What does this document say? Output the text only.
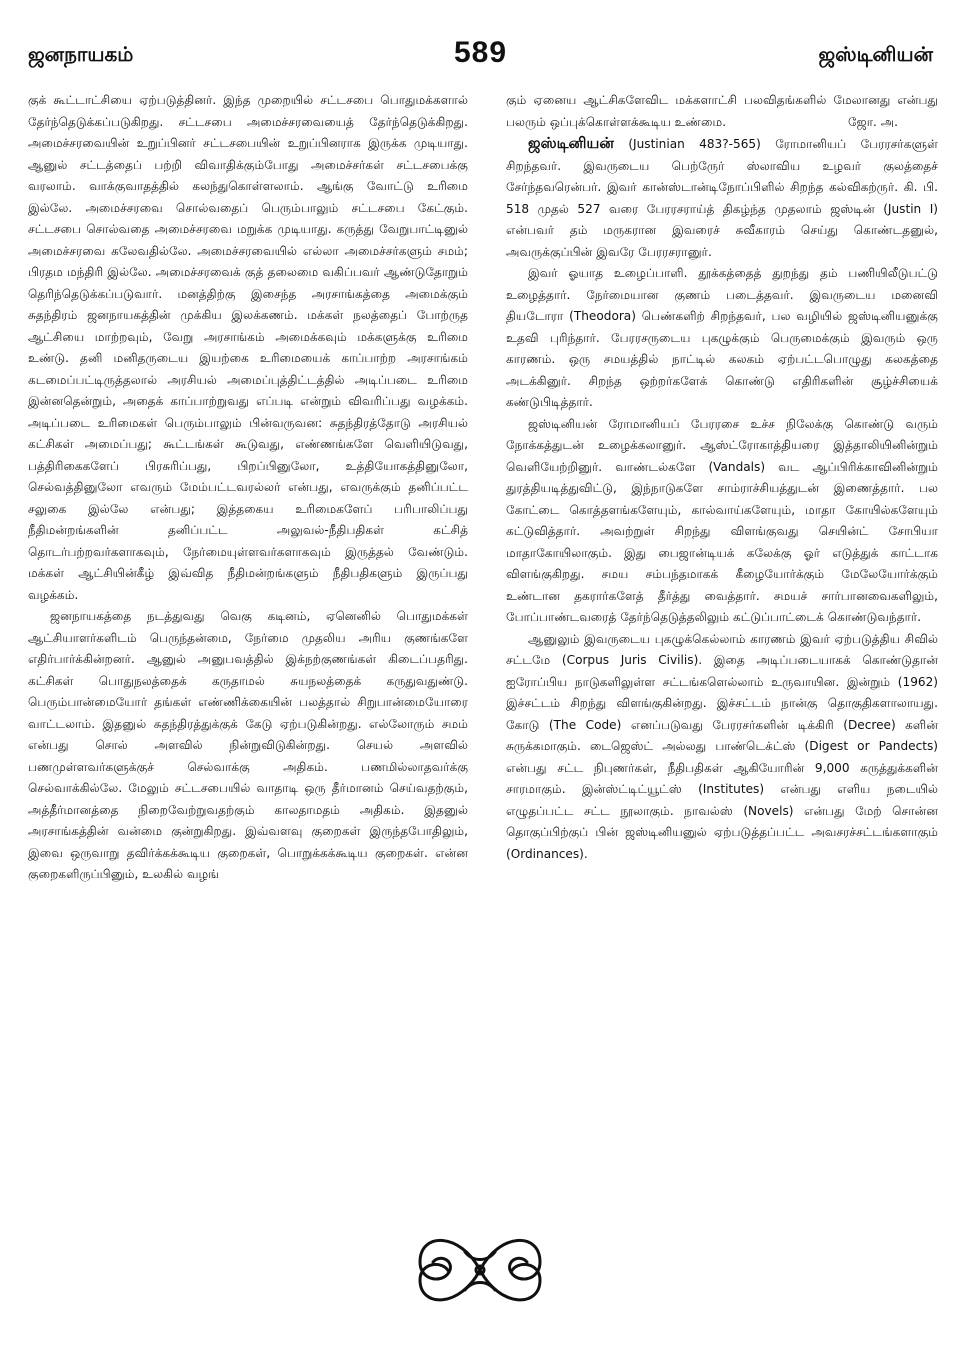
ஜனநாயகம்	589	ஜஸ்டினியன்

குக் கூட்டாட்சியை ஏற்படுத்தினர். இந்த முறையில் சட்டசபை பொதுமக்களால் தேர்ந்தெடுக்கப்படுகிறது. சட்டசபை அமைச்சரவையைத் தேர்ந்தெடுக்கிறது. அமைச்சரவையின் உறுப்பினர் சட்டசபையின் உறுப்பினராக இருக்க முடியாது. ஆனுல் சட்டத்தைப் பற்றி விவாதிக்கும்போது அமைச்சர்கள் சட்டசபைக்கு வரலாம். வாக்குவாதத்தில் கலந்துகொள்ளலாம். ஆங்கு வோட்டு உரிமை இல்லே. அமைச்சரவை சொல்வதைப் பெரும்பாலும் சட்டசபை கேட்கும். சட்டசபை சொல்வதை அமைச்சரவை மறுக்க முடியாது. கருத்து வேறுபாட்டினுல் அமைச்சரவை கலேவதில்லே. அமைச்சரவையில் எல்லா அமைச்சர்களும் சமம்; பிரதம மந்திரி இல்லே. அமைச்சரவைக் குத் தலைமை வகிப்பவர் ஆண்டுதோறும் தெரிந்தெடுக்கப்படுவார். மனத்திற்கு இசைந்த அரசாங்கத்தை அமைக்கும் சுதந்திரம் ஜனநாயகத்தின் முக்கிய இலக்கணம். மக்கள் நலத்தைப் போற்ருத ஆட்சியை மாற்றவும், வேறு அரசாங்கம் அமைக்கவும் மக்களுக்கு உரிமை உண்டு. தனி மனிதருடைய இயற்கை உரிமையைக் காப்பாற்ற அரசாங்கம் கடமைப்பட்டிருத்தலால் அரசியல் அமைப்புத்திட்டத்தில் அடிப்படை உரிமை இன்னதென்றும், அதைக் காப்பாற்றுவது எப்படி என்றும் விவரிப்பது வழக்கம். அடிப்படை உரிமைகள் பெரும்பாலும் பின்வருவன: சுதந்திரத்தோடு அரசியல் கட்சிகள் அமைப்பது; கூட்டங்கள் கூடுவது, எண்ணங்களே வெளியிடுவது, பத்திரிகைகளேப் பிரசுரிப்பது, பிறப்பினுலோ, உத்தியோகத்தினுலோ, செல்வத்தினுலோ எவரும் மேம்பட்டவரல்லர் என்பது, எவருக்கும் தனிப்பட்ட சலுகை இல்லே என்பது; இத்தகைய உரிமைகளேப் பரிபாலிப்பது நீதிமன்றங்களின் தனிப்பட்ட அலுவல்-நீதிபதிகள் கட்சித் தொடர்பற்றவர்களாகவும், நேர்மையுள்ளவர்களாகவும் இருத்தல் வேண்டும். மக்கள் ஆட்சியின்கீழ் இவ்வித நீதிமன்றங்களும் நீதிபதிகளும் இருப்பது வழக்கம்.

ஜனநாயகத்தை நடத்துவது வெகு கடினம், ஏனெனில் பொதுமக்கள் ஆட்சியாளர்களிடம் பெருந்தன்மை, நேர்மை முதலிய அரிய குணங்களே எதிர்பார்க்கின்றனர். ஆனுல் அனுபவத்தில் இக்நற்குணங்கள் கிடைப்பதரிது. கட்சிகள் பொதுநலத்தைக் கருதாமல் சுயநலத்தைக் கருதுவதுண்டு. பெரும்பான்மையோர் தங்கள் எண்ணிக்கையின் பலத்தால் சிறுபான்மையோரை வாட்டலாம். இதனுல் சுதந்திரத்துக்குக் கேடு ஏற்படுகின்றது. எல்லோரும் சமம் என்பது சொல் அளவில் நின்றுவிடுகின்றது. செயல் அளவில் பணமுள்ளவர்களுக்குச் செல்வாக்கு அதிகம். பணமில்லாதவர்க்கு செல்வாக்கில்லே. மேலும் சட்டசபையில் வாதாடி ஒரு தீர்மானம் செய்வதற்கும், அத்தீர்மானத்தை நிறைவேற்றுவதற்கும் காலதாமதம் அதிகம். இதனுல் அரசாங்கத்தின் வன்மை குன்றுகிறது. இவ்வளவு குறைகள் இருந்தபோதிலும், இவை ஒருவாறு தவிர்க்கக்கூடிய குறைகள், பொறுக்கக்கூடிய குறைகள். என்ன குறைகளிருப்பினும், உலகில் வழங்

கும் ஏனைய ஆட்சிகளேவிட மக்களாட்சி பலவிதங்களில் மேலானது என்பது பலரும் ஒப்புக்கொள்ளக்கூடிய உண்மை.	ஜோ. அ.

ஜஸ்டினியன் (Justinian 483?-565) ரோமானியப் பேரரசர்களுள் சிறந்தவர். இவருடைய பெற்ருேர் ஸ்லாவிய உழவர் குலத்தைச் சேர்ந்தவரென்பர். இவர் கான்ஸ்டான்டிநோப்பிளில் சிறந்த கல்விகற்ருர். கி. பி. 518 முதல் 527 வரை பேரரசராய்த் திகழ்ந்த முதலாம் ஜஸ்டின் (Justin I) என்பவர் தம் மருகரான இவரைச் சுவீகாரம் செய்து கொண்டதனுல், அவருக்குப்பின் இவரே பேரரசரானுர்.

இவர் ஓயாத உழைப்பாளி. தூக்கத்தைத் துறந்து தம் பணியிலீடுபட்டு உழைத்தார். நேர்மையான குணம் படைத்தவர். இவருடைய மனைவி தியடோரா (Theodora) பெண்களிற் சிறந்தவர், பல வழியில் ஜஸ்டினியனுக்கு உதவி புரிந்தார். பேரரசருடைய புகழுக்கும் பெருமைக்கும் இவரும் ஒரு காரணம். ஒரு சமயத்தில் நாட்டில் கலகம் ஏற்பட்டபொழுது கலகத்தை அடக்கினுர். சிறந்த ஒற்றர்களேக் கொண்டு எதிரிகளின் சூழ்ச்சியைக் கண்டுபிடித்தார்.

ஜஸ்டினியன் ரோமானியப் பேரரசை உச்ச நிலேக்கு கொண்டு வரும் நோக்கத்துடன் உழைக்கலானுர். ஆஸ்ட்ரோகாத்தியரை இத்தாலியினின்றும் வெளியேற்றினுர். வாண்டல்களே (Vandals) வட ஆப்பிரிக்காவினின்றும் துரத்தியடித்துவிட்டு, இந்நாடுகளே சாம்ராச்சியத்துடன் இணைத்தார். பல கோட்டை கொத்தளங்களேயும், கால்வாய்களேயும், மாதா கோயில்களேயும் கட்டுவித்தார். அவற்றுள் சிறந்து விளங்குவது செயின்ட் சோபியா மாதாகோயிலாகும். இது பைஜான்டியக் கலேக்கு ஓர் எடுத்துக் காட்டாக விளங்குகிறது. சமய சம்பந்தமாகக் கீழையோர்க்கும் மேலேயோர்க்கும் உண்டான தகரார்களேத் தீர்த்து வைத்தார். சமயச் சார்பானவைகளிலும், போப்பாண்டவரைத் தேர்ந்தெடுத்தலிலும் கட்டுப்பாட்டைக் கொண்டுவந்தார்.

ஆனுலும் இவருடைய புகழுக்கெல்லாம் காரணம் இவர் ஏற்படுத்திய சிவில் சட்டமே (Corpus Juris Civilis). இதை அடிப்படையாகக் கொண்டுதான் ஐரோப்பிய நாடுகளிலுள்ள சட்டங்களெல்லாம் உருவாயின. இன்றும் (1962) இச்சட்டம் சிறந்து விளங்குகின்றது. இச்சட்டம் நான்கு தொகுதிகளாலாயது. கோடு (The Code) எனப்படுவது பேரரசர்களின் டிக்கிரி (Decree) களின் சுருக்கமாகும். டைஜெஸ்ட் அல்லது பாண்டெக்ட்ஸ் (Digest or Pandects) என்பது சட்ட நிபுணர்கள், நீதிபதிகள் ஆகியோரின் 9,000 கருத்துக்களின் சாரமாகும். இன்ஸ்ட்டிட்யூட்ஸ் (Institutes) என்பது எளிய நடையில் எழுதப்பட்ட சட்ட நூலாகும். நாவல்ஸ் (Novels) என்பது மேற் சொன்ன தொகுப்பிற்குப் பின் ஜஸ்டினியனுல் ஏற்படுத்தப்பட்ட அவசரச்சட்டங்களாகும் (Ordinances).
